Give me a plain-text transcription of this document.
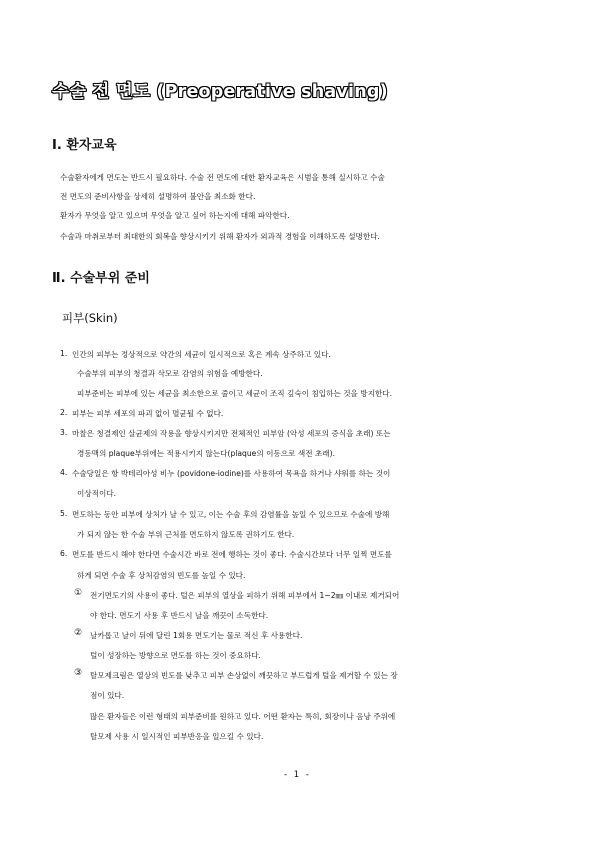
수술 전 면도 (Preoperative shaving)
Ⅰ. 환자교육
수술환자에게 면도는 반드시 필요하다. 수술 전 면도에 대한 환자교육은 시범을 통해 실시하고 수술
전 면도의 준비사항을 상세히 설명하여 불안을 최소화 한다.
환자가 무엇을 알고 있으며 무엇을 알고 싶어 하는지에 대해 파악한다.
수술과 마취로부터 최대한의 회복을 향상시키기 위해 환자가 외과적 경험을 이해하도록 설명한다.
Ⅱ. 수술부위 준비
피부(Skin)
1. 인간의 피부는 정상적으로 약간의 세균이 일시적으로 혹은 계속 상주하고 있다.
수술부위 피부의 청결과 삭모로 감염의 위험을 예방한다.
피부준비는 피부에 있는 세균을 최소한으로 줄이고 세균이 조직 깊숙이 침입하는 것을 방지한다.
2. 피부는 피부 세포의 파괴 없이 멸균될 수 없다.
3. 마찰은 청결제인 살균제의 작용을 향상시키지만 전체적인 피부암 (악성 세포의 증식을 초래) 또는
경동맥의 plaque부위에는 적용시키지 않는다(plaque의 이동으로 색전 초래).
4. 수술당일은 항 박테리아성 비누 (povidone-iodine)를 사용하여 목욕을 하거나 샤워를 하는 것이
이상적이다.
5. 면도하는 동안 피부에 상처가 날 수 있고, 이는 수술 후의 감염률을 높일 수 있으므로 수술에 방해
가 되지 않는 한 수술 부위 근처를 면도하지 않도록 권하기도 한다.
6. 면도를 반드시 해야 한다면 수술시간 바로 전에 행하는 것이 좋다. 수술시간보다 너무 일찍 면도를
하게 되면 수술 후 상처감염의 빈도를 높일 수 있다.
① 전기면도기의 사용이 좋다. 털은 피부의 열상을 피하기 위해 피부에서 1~2㎜ 이내로 제거되어
야 한다. 면도기 사용 후 반드시 날을 깨끗이 소독한다.
② 날카롭고 날이 뒤에 달린 1회용 면도기는 물로 적신 후 사용한다.
털이 성장하는 방향으로 면도를 하는 것이 중요하다.
③ 탈모제크림은 열상의 빈도를 낮추고 피부 손상없이 깨끗하고 부드럽게 털을 제거할 수 있는 장
점이 있다.
많은 환자들은 이런 형태의 피부준비를 원하고 있다. 어떤 환자는 특히, 회장이나 음낭 주위에
탈모제 사용 시 일시적인 피부반응을 일으킬 수 있다.
- 1 -
